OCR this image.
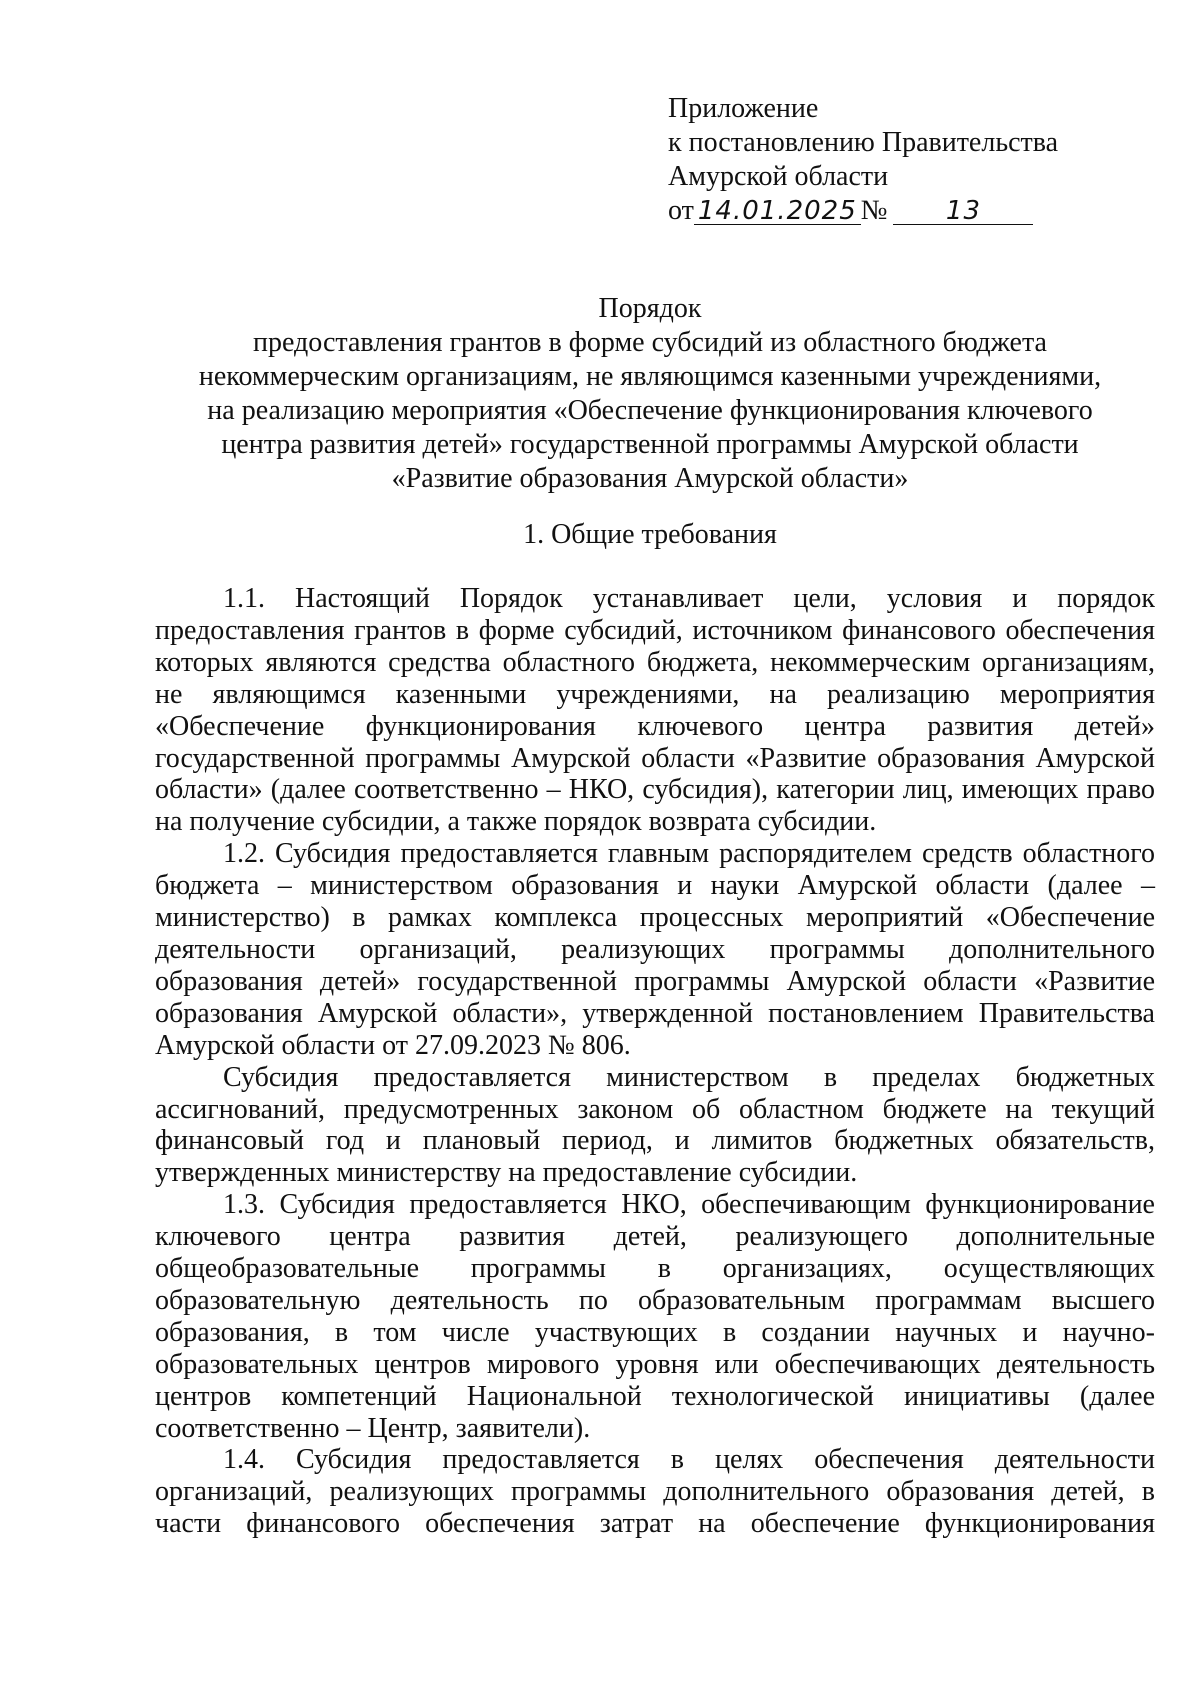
Приложение
к постановлению Правительства
Амурской области
от 14.01.2025 № 13
Порядок
предоставления грантов в форме субсидий из областного бюджета
некоммерческим организациям, не являющимся казенными учреждениями,
на реализацию мероприятия «Обеспечение функционирования ключевого
центра развития детей» государственной программы Амурской области
«Развитие образования Амурской области»
1. Общие требования

1.1. Настоящий Порядок устанавливает цели, условия и порядок предоставления грантов в форме субсидий, источником финансового обеспечения которых являются средства областного бюджета, некоммерческим организациям, не являющимся казенными учреждениями, на реализацию мероприятия «Обеспечение функционирования ключевого центра развития детей» государственной программы Амурской области «Развитие образования Амурской области» (далее соответственно – НКО, субсидия), категории лиц, имеющих право на получение субсидии, а также порядок возврата субсидии.

1.2. Субсидия предоставляется главным распорядителем средств областного бюджета – министерством образования и науки Амурской области (далее – министерство) в рамках комплекса процессных мероприятий «Обеспечение деятельности организаций, реализующих программы дополнительного образования детей» государственной программы Амурской области «Развитие образования Амурской области», утвержденной постановлением Правительства Амурской области от 27.09.2023 № 806.

Субсидия предоставляется министерством в пределах бюджетных ассигнований, предусмотренных законом об областном бюджете на текущий финансовый год и плановый период, и лимитов бюджетных обязательств, утвержденных министерству на предоставление субсидии.

1.3. Субсидия предоставляется НКО, обеспечивающим функционирование ключевого центра развития детей, реализующего дополнительные общеобразовательные программы в организациях, осуществляющих образовательную деятельность по образовательным программам высшего образования, в том числе участвующих в создании научных и научно-образовательных центров мирового уровня или обеспечивающих деятельность центров компетенций Национальной технологической инициативы (далее соответственно – Центр, заявители).

1.4. Субсидия предоставляется в целях обеспечения деятельности организаций, реализующих программы дополнительного образования детей, в части финансового обеспечения затрат на обеспечение функционирования
